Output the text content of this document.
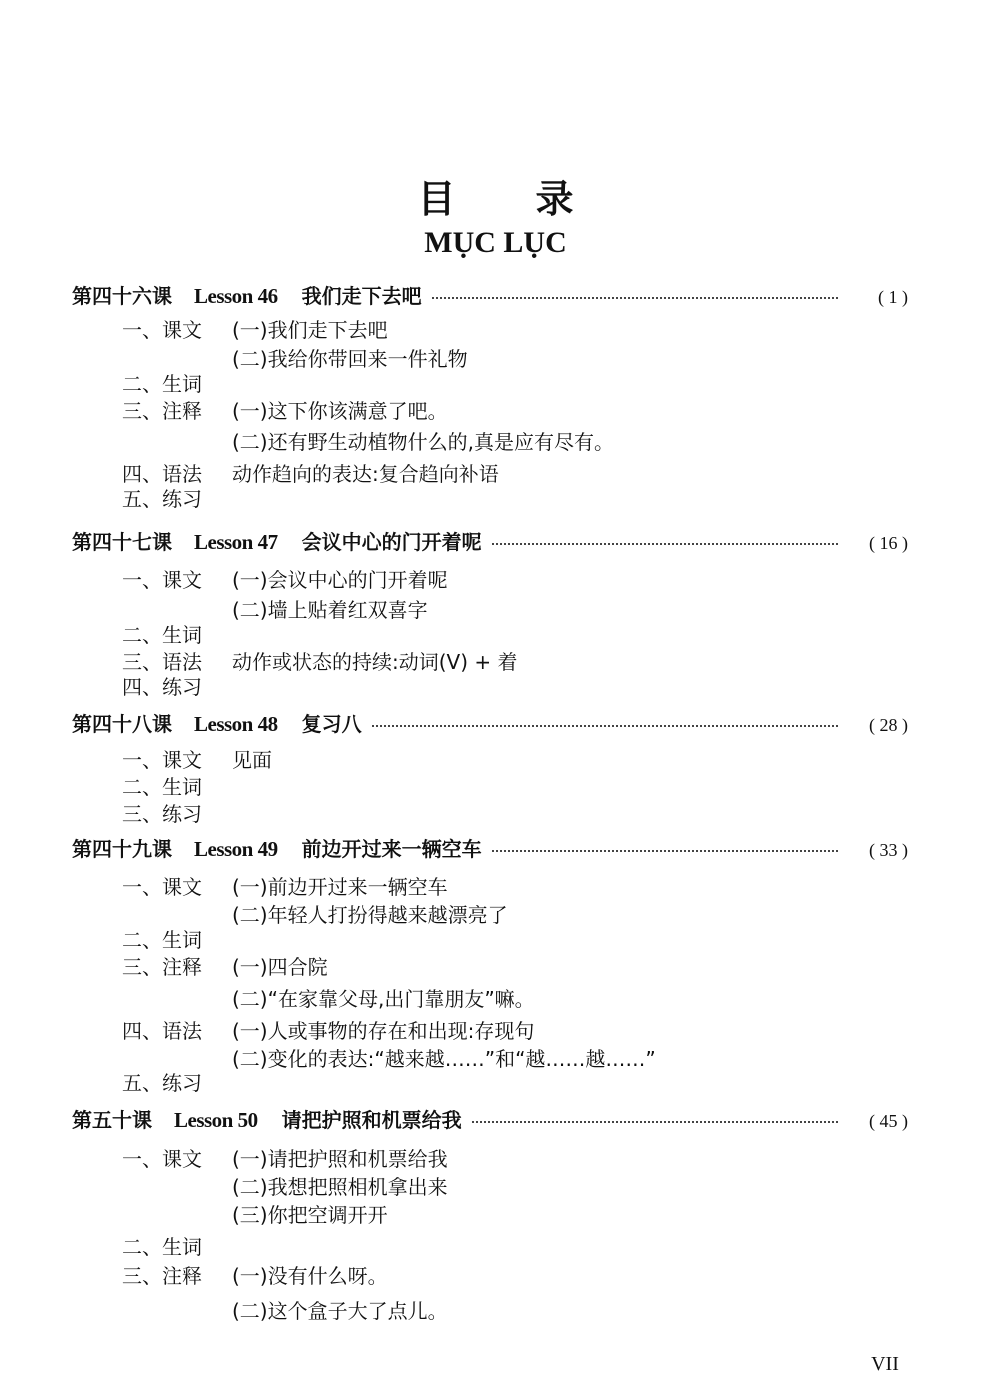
目录
MỤC LỤC
第四十六课 Lesson 46 我们走下去吧	( 1 )
一、课文 (一)我们走下去吧
(二)我给你带回来一件礼物
二、生词
三、注释 (一)这下你该满意了吧。
(二)还有野生动植物什么的,真是应有尽有。
四、语法 动作趋向的表达:复合趋向补语
五、练习
第四十七课 Lesson 47 会议中心的门开着呢	( 16 )
一、课文 (一)会议中心的门开着呢
(二)墙上贴着红双喜字
二、生词
三、语法 动作或状态的持续:动词(V) + 着
四、练习
第四十八课 Lesson 48 复习八	( 28 )
一、课文 见面
二、生词
三、练习
第四十九课 Lesson 49 前边开过来一辆空车	( 33 )
一、课文 (一)前边开过来一辆空车
(二)年轻人打扮得越来越漂亮了
二、生词
三、注释 (一)四合院
(二)“在家靠父母,出门靠朋友”嘛。
四、语法 (一)人或事物的存在和出现:存现句
(二)变化的表达:“越来越……”和“越……越……”
五、练习
第五十课 Lesson 50 请把护照和机票给我	( 45 )
一、课文 (一)请把护照和机票给我
(二)我想把照相机拿出来
(三)你把空调开开
二、生词
三、注释 (一)没有什么呀。
(二)这个盒子大了点儿。
VII
